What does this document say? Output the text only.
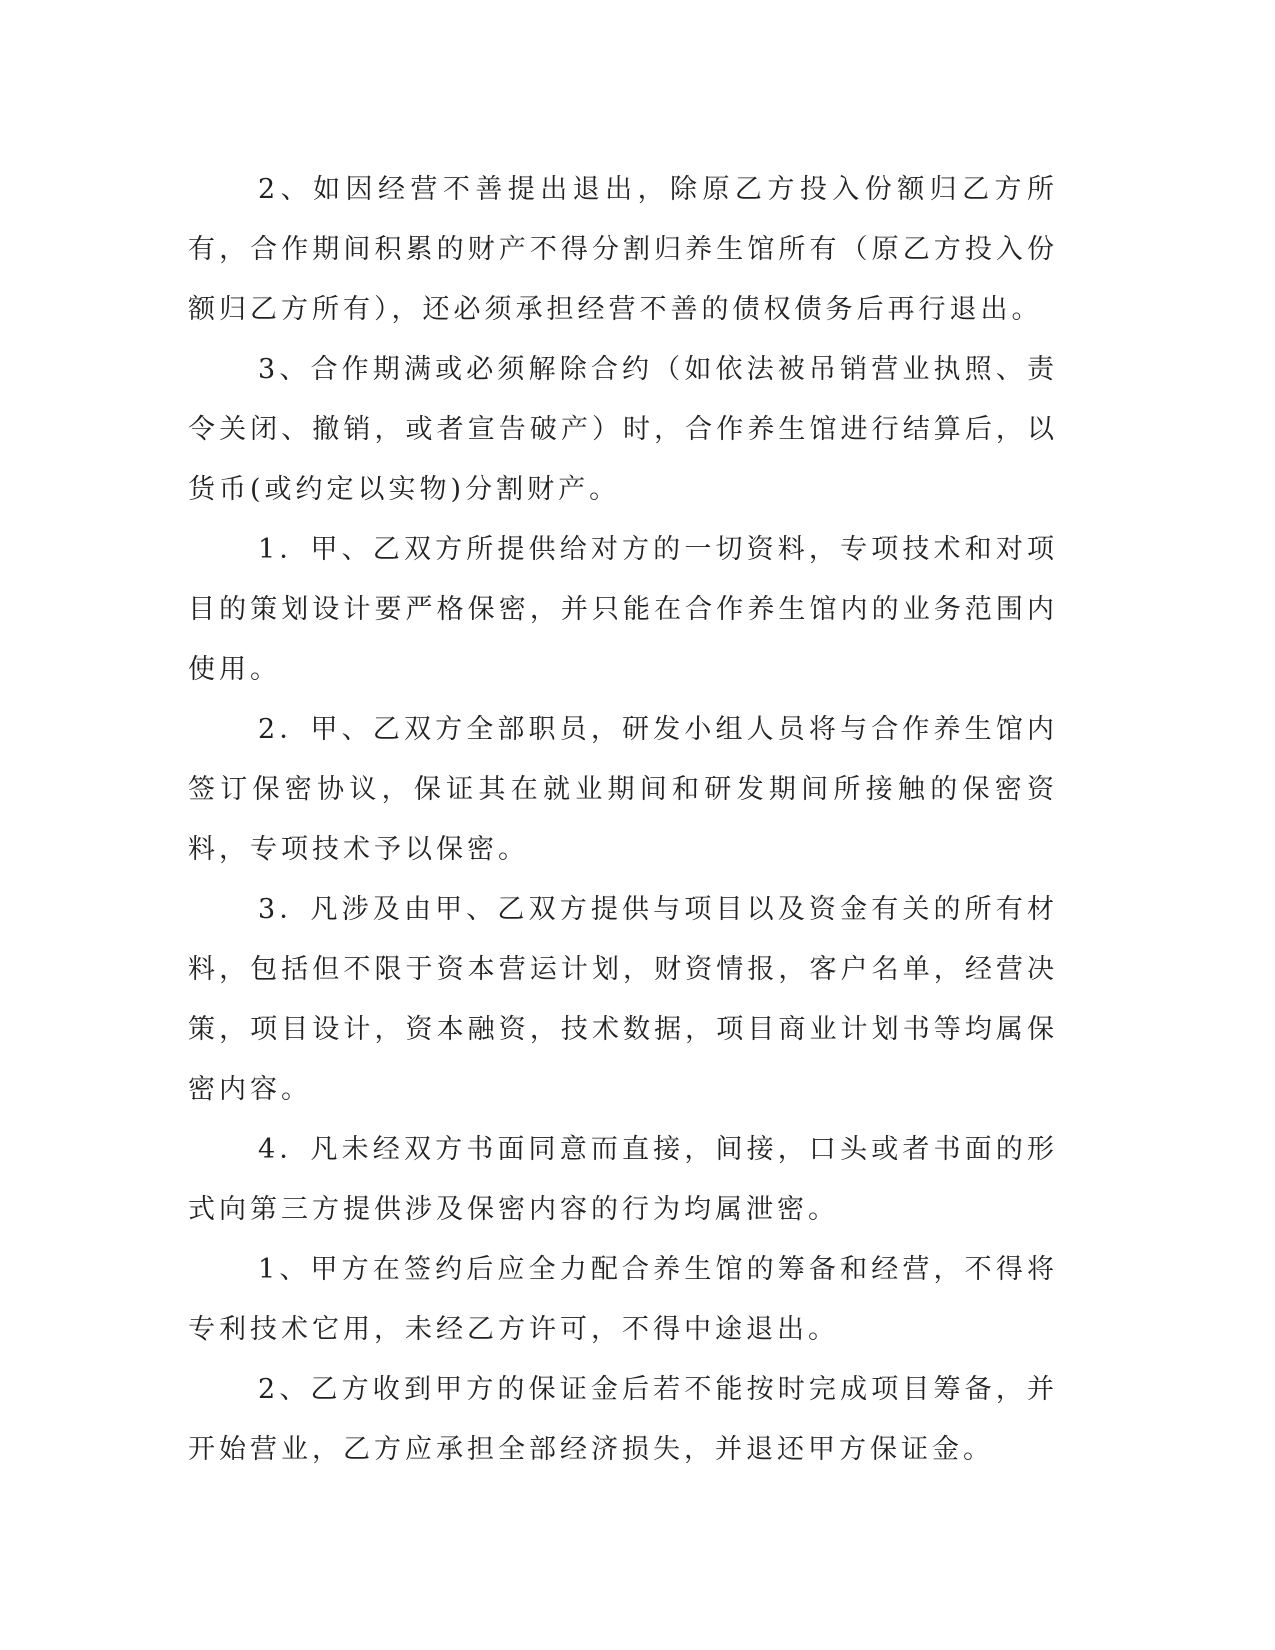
2、如因经营不善提出退出，除原乙方投入份额归乙方所有，合作期间积累的财产不得分割归养生馆所有（原乙方投入份额归乙方所有），还必须承担经营不善的债权债务后再行退出。

3、合作期满或必须解除合约（如依法被吊销营业执照、责令关闭、撤销，或者宣告破产）时，合作养生馆进行结算后，以货币(或约定以实物)分割财产。

1．甲、乙双方所提供给对方的一切资料，专项技术和对项目的策划设计要严格保密，并只能在合作养生馆内的业务范围内使用。

2．甲、乙双方全部职员，研发小组人员将与合作养生馆内签订保密协议，保证其在就业期间和研发期间所接触的保密资料，专项技术予以保密。

3．凡涉及由甲、乙双方提供与项目以及资金有关的所有材料，包括但不限于资本营运计划，财资情报，客户名单，经营决策，项目设计，资本融资，技术数据，项目商业计划书等均属保密内容。

4．凡未经双方书面同意而直接，间接，口头或者书面的形式向第三方提供涉及保密内容的行为均属泄密。

1、甲方在签约后应全力配合养生馆的筹备和经营，不得将专利技术它用，未经乙方许可，不得中途退出。

2、乙方收到甲方的保证金后若不能按时完成项目筹备，并开始营业，乙方应承担全部经济损失，并退还甲方保证金。
